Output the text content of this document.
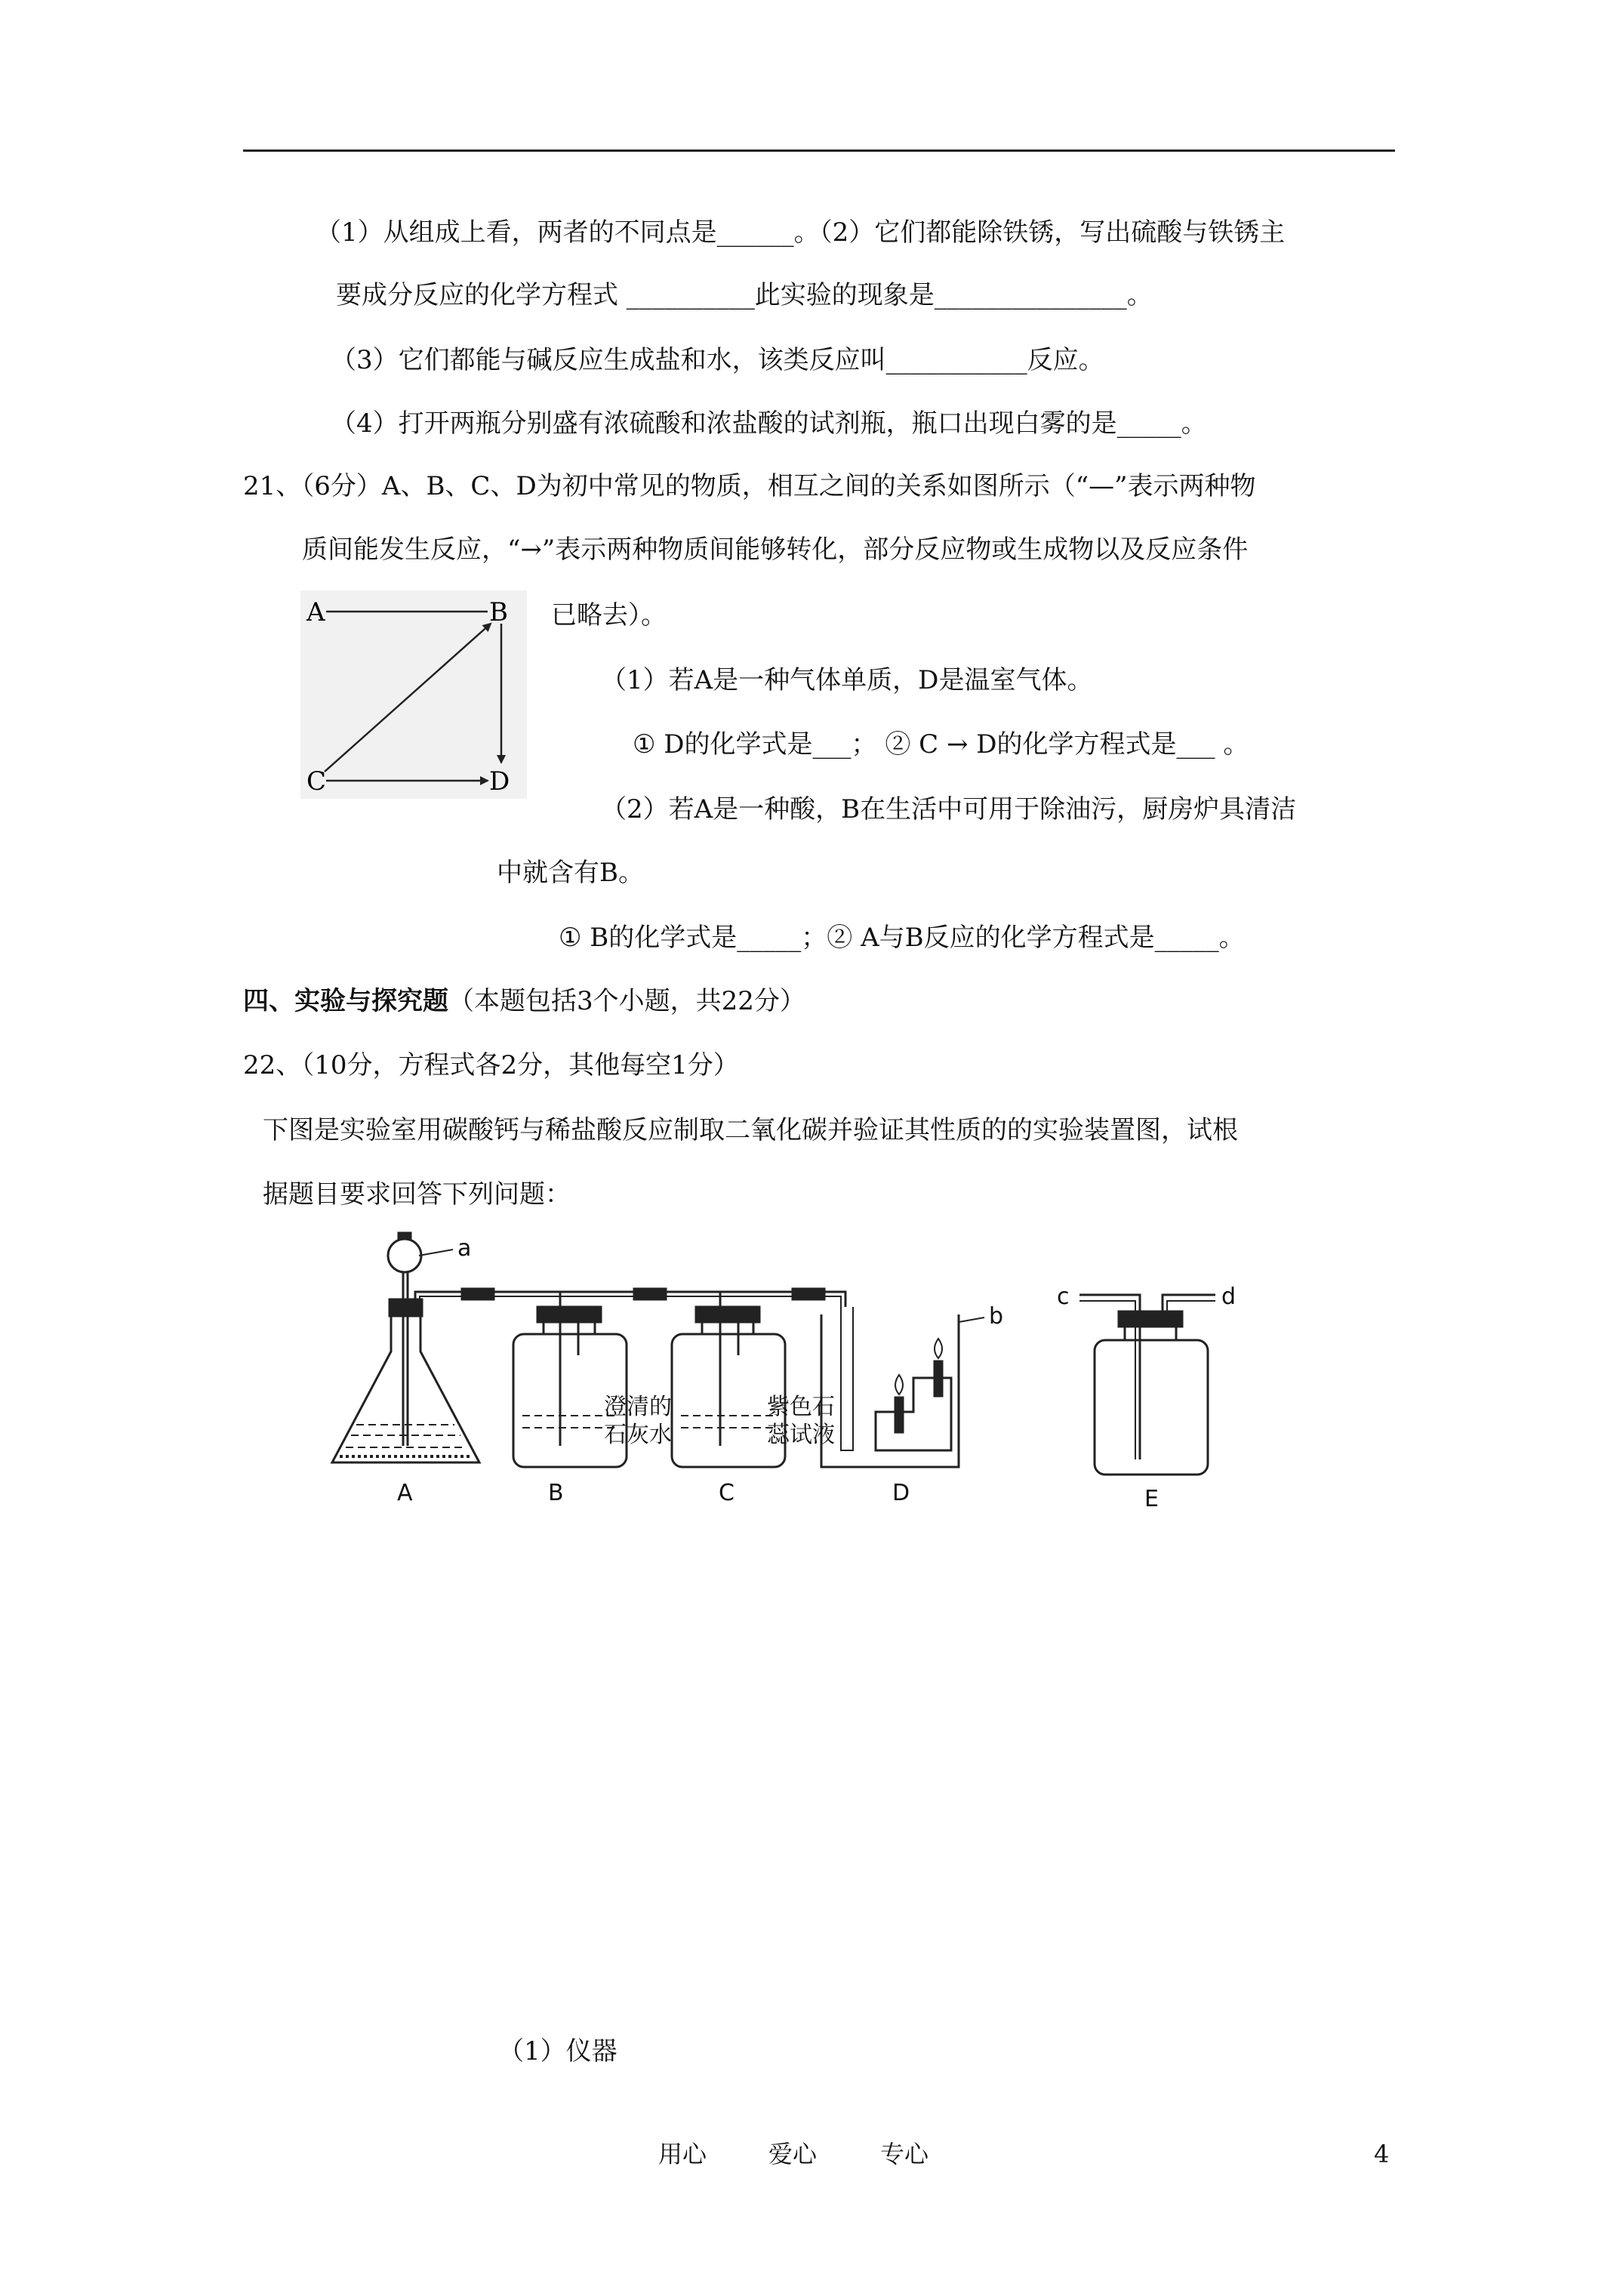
（1）从组成上看，两者的不同点是______。（2）它们都能除铁锈，写出硫酸与铁锈主
要成分反应的化学方程式 __________此实验的现象是_______________。
（3）它们都能与碱反应生成盐和水，该类反应叫___________反应。
（4）打开两瓶分别盛有浓硫酸和浓盐酸的试剂瓶，瓶口出现白雾的是_____。
21、（6分）A、B、C、D为初中常见的物质，相互之间的关系如图所示（“—”表示两种物
质间能发生反应，“→”表示两种物质间能够转化，部分反应物或生成物以及反应条件
已略去）。
（1）若A是一种气体单质，D是温室气体。
① D的化学式是___； ② C → D的化学方程式是___ 。
（2）若A是一种酸，B在生活中可用于除油污，厨房炉具清洁
中就含有B。
① B的化学式是_____；② A与B反应的化学方程式是_____。
四、实验与探究题（本题包括3个小题，共22分）
22、（10分，方程式各2分，其他每空1分）
下图是实验室用碳酸钙与稀盐酸反应制取二氧化碳并验证其性质的的实验装置图，试根
据题目要求回答下列问题：
（1）仪器
A	B
C	D
a
b
c	d
澄清的
石灰水
紫色石
蕊试液
A	B	C	D	E
用心	爱心	专心	4
